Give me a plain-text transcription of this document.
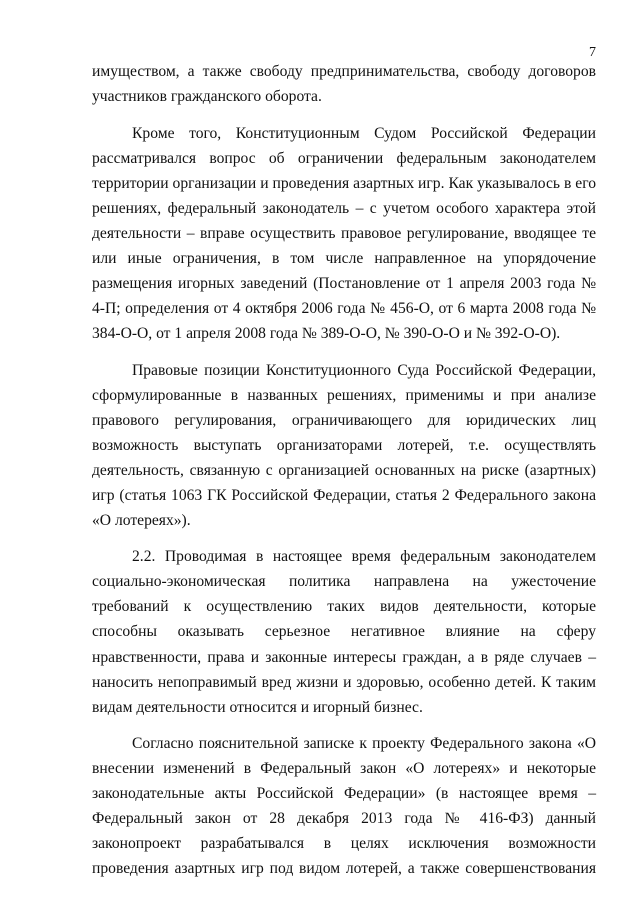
7
имуществом, а также свободу предпринимательства, свободу договоров
участников гражданского оборота.
Кроме того, Конституционным Судом Российской Федерации
рассматривался вопрос об ограничении федеральным законодателем
территории организации и проведения азартных игр. Как указывалось в его
решениях, федеральный законодатель – с учетом особого характера этой
деятельности – вправе осуществить правовое регулирование, вводящее те
или иные ограничения, в том числе направленное на упорядочение
размещения игорных заведений (Постановление от 1 апреля 2003 года №
4-П; определения от 4 октября 2006 года № 456-О, от 6 марта 2008 года №
384-О-О, от 1 апреля 2008 года № 389-О-О, № 390-О-О и № 392-О-О).
Правовые позиции Конституционного Суда Российской Федерации,
сформулированные в названных решениях, применимы и при анализе
правового регулирования, ограничивающего для юридических лиц
возможность выступать организаторами лотерей, т.е. осуществлять
деятельность, связанную с организацией основанных на риске (азартных)
игр (статья 1063 ГК Российской Федерации, статья 2 Федерального закона
«О лотереях»).
2.2. Проводимая в настоящее время федеральным законодателем
социально-экономическая политика направлена на ужесточение
требований к осуществлению таких видов деятельности, которые
способны оказывать серьезное негативное влияние на сферу
нравственности, права и законные интересы граждан, а в ряде случаев –
наносить непоправимый вред жизни и здоровью, особенно детей. К таким
видам деятельности относится и игорный бизнес.
Согласно пояснительной записке к проекту Федерального закона «О
внесении изменений в Федеральный закон «О лотереях» и некоторые
законодательные акты Российской Федерации» (в настоящее время –
Федеральный закон от 28 декабря 2013 года № 416-ФЗ) данный
законопроект разрабатывался в целях исключения возможности
проведения азартных игр под видом лотерей, а также совершенствования
